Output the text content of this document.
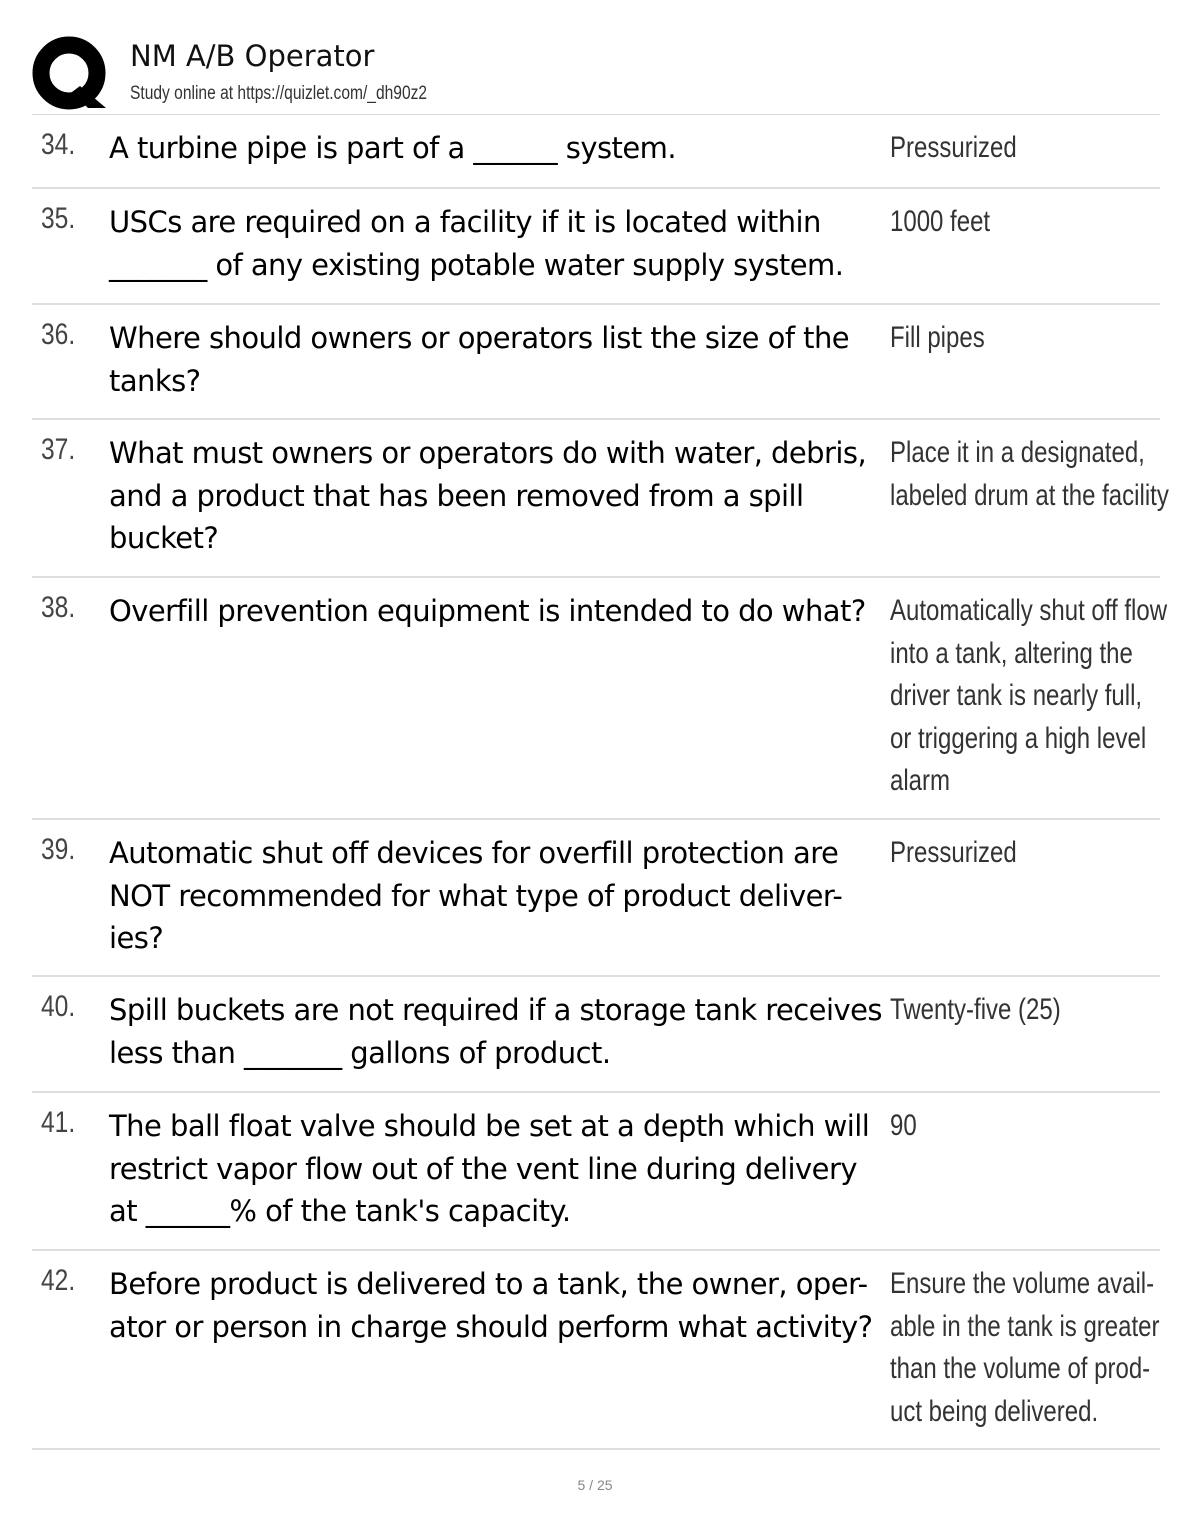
NM A/B Operator
Study online at https://quizlet.com/_dh90z2
34. A turbine pipe is part of a ______ system.	Pressurized
35. USCs are required on a facility if it is located within
_______ of any existing potable water supply system.
1000 feet
36. Where should owners or operators list the size of the
tanks?
Fill pipes
37. What must owners or operators do with water, debris,
and a product that has been removed from a spill
bucket?
Place it in a designated,
labeled drum at the facility
38. Overfill prevention equipment is intended to do what? Automatically shut off flow
into a tank, altering the
driver tank is nearly full,
or triggering a high level
alarm
39. Automatic shut off devices for overfill protection are
NOT recommended for what type of product deliver-
ies?
Pressurized
40. Spill buckets are not required if a storage tank receives
less than _______ gallons of product.
Twenty-five (25)
41. The ball float valve should be set at a depth which will
restrict vapor flow out of the vent line during delivery
at ______% of the tank's capacity.
90
42. Before product is delivered to a tank, the owner, oper-
ator or person in charge should perform what activity?
Ensure the volume avail-
able in the tank is greater
than the volume of prod-
uct being delivered.
5 / 25
